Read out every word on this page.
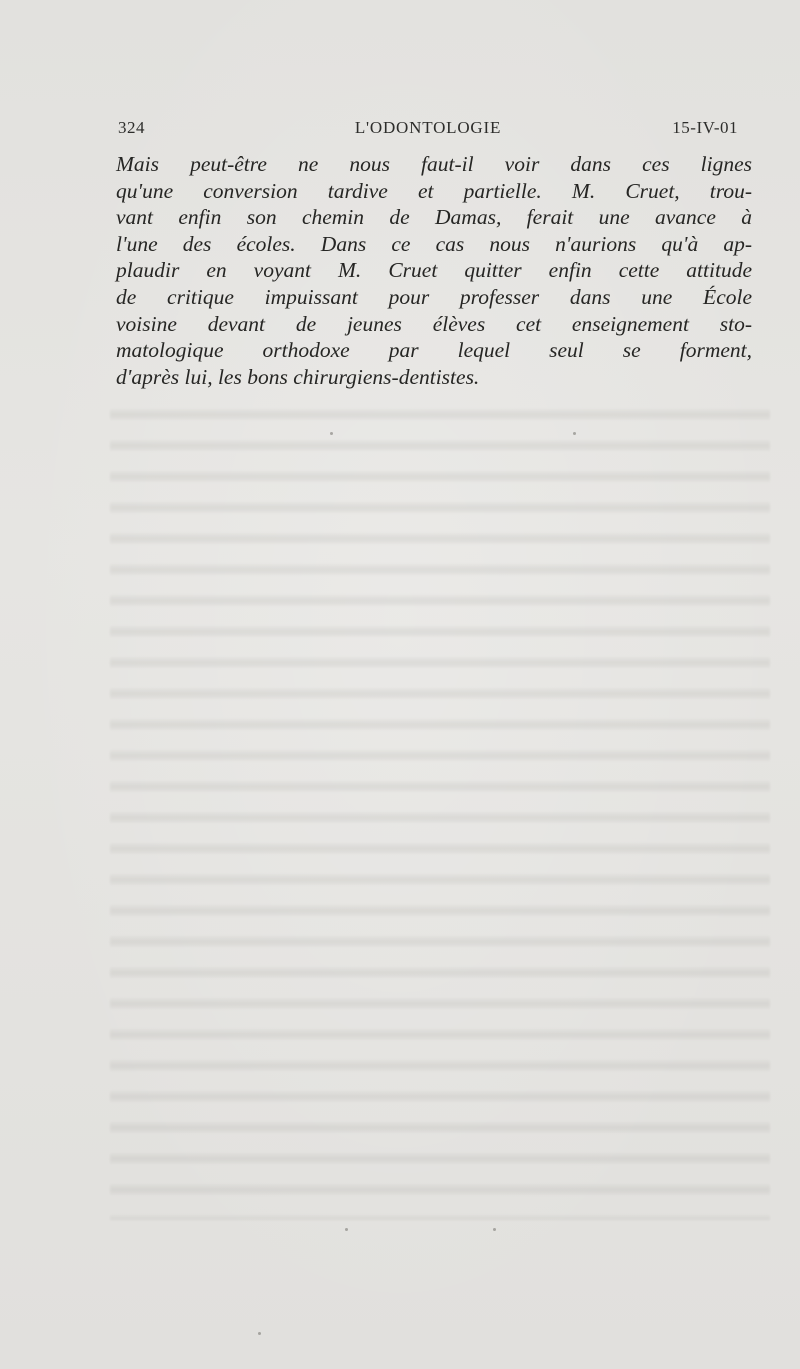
324	L'ODONTOLOGIE	15-IV-01
Mais peut-être ne nous faut-il voir dans ces lignes
qu'une conversion tardive et partielle. M. Cruet, trou-
vant enfin son chemin de Damas, ferait une avance à
l'une des écoles. Dans ce cas nous n'aurions qu'à ap-
plaudir en voyant M. Cruet quitter enfin cette attitude
de critique impuissant pour professer dans une École
voisine devant de jeunes élèves cet enseignement sto-
matologique orthodoxe par lequel seul se forment,
d'après lui, les bons chirurgiens-dentistes.
